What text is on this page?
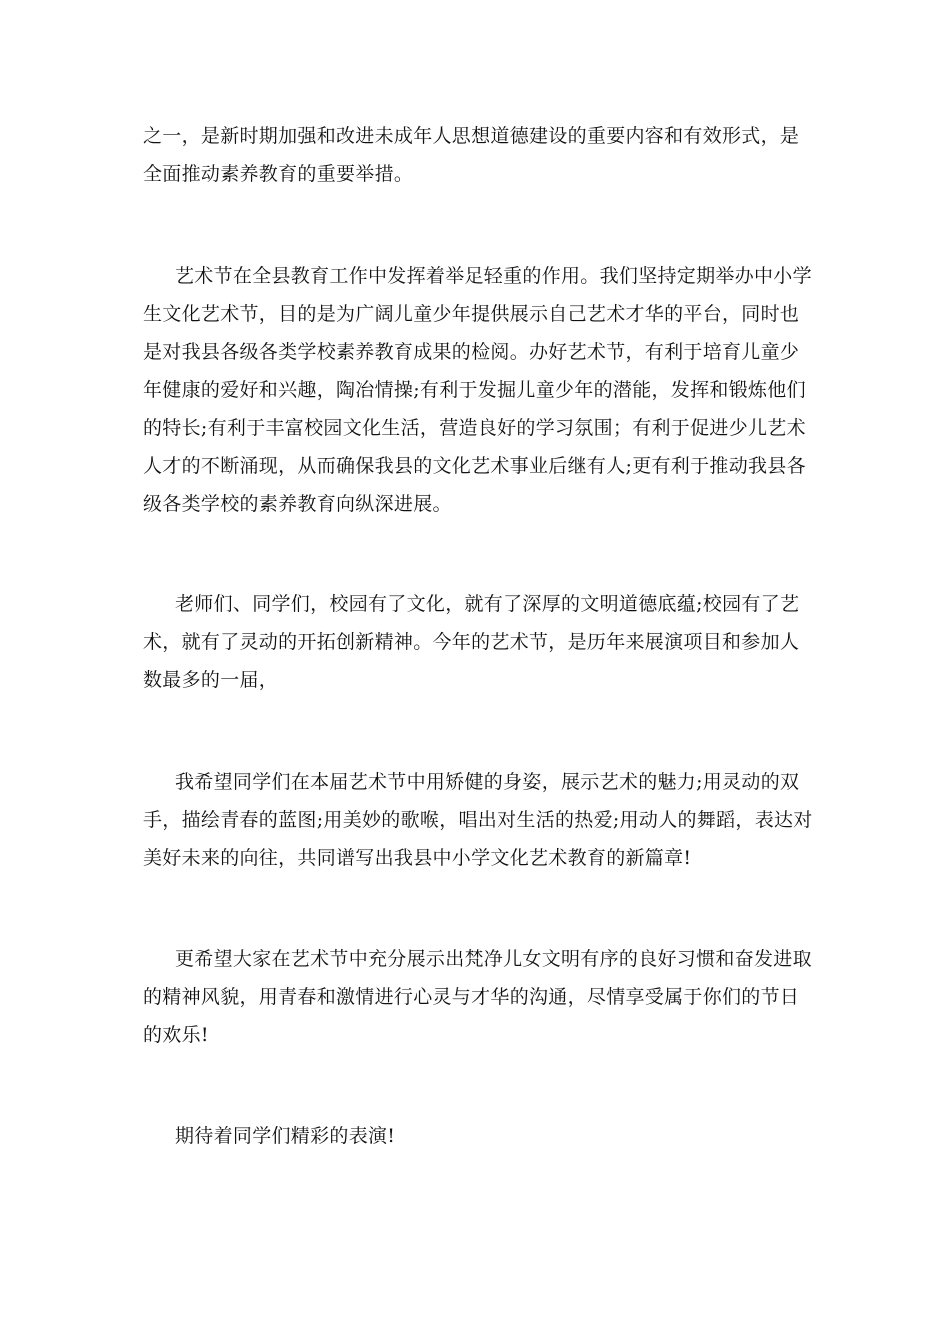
之一，是新时期加强和改进未成年人思想道德建设的重要内容和有效形式，是全面推动素养教育的重要举措。

艺术节在全县教育工作中发挥着举足轻重的作用。我们坚持定期举办中小学生文化艺术节，目的是为广阔儿童少年提供展示自己艺术才华的平台，同时也是对我县各级各类学校素养教育成果的检阅。办好艺术节，有利于培育儿童少年健康的爱好和兴趣，陶冶情操;有利于发掘儿童少年的潜能，发挥和锻炼他们的特长;有利于丰富校园文化生活，营造良好的学习氛围；有利于促进少儿艺术人才的不断涌现，从而确保我县的文化艺术事业后继有人;更有利于推动我县各级各类学校的素养教育向纵深进展。

老师们、同学们，校园有了文化，就有了深厚的文明道德底蕴;校园有了艺术，就有了灵动的开拓创新精神。今年的艺术节，是历年来展演项目和参加人数最多的一届，

我希望同学们在本届艺术节中用矫健的身姿，展示艺术的魅力;用灵动的双手，描绘青春的蓝图;用美妙的歌喉，唱出对生活的热爱;用动人的舞蹈，表达对美好未来的向往，共同谱写出我县中小学文化艺术教育的新篇章!

更希望大家在艺术节中充分展示出梵净儿女文明有序的良好习惯和奋发进取的精神风貌，用青春和激情进行心灵与才华的沟通，尽情享受属于你们的节日的欢乐!

期待着同学们精彩的表演!
